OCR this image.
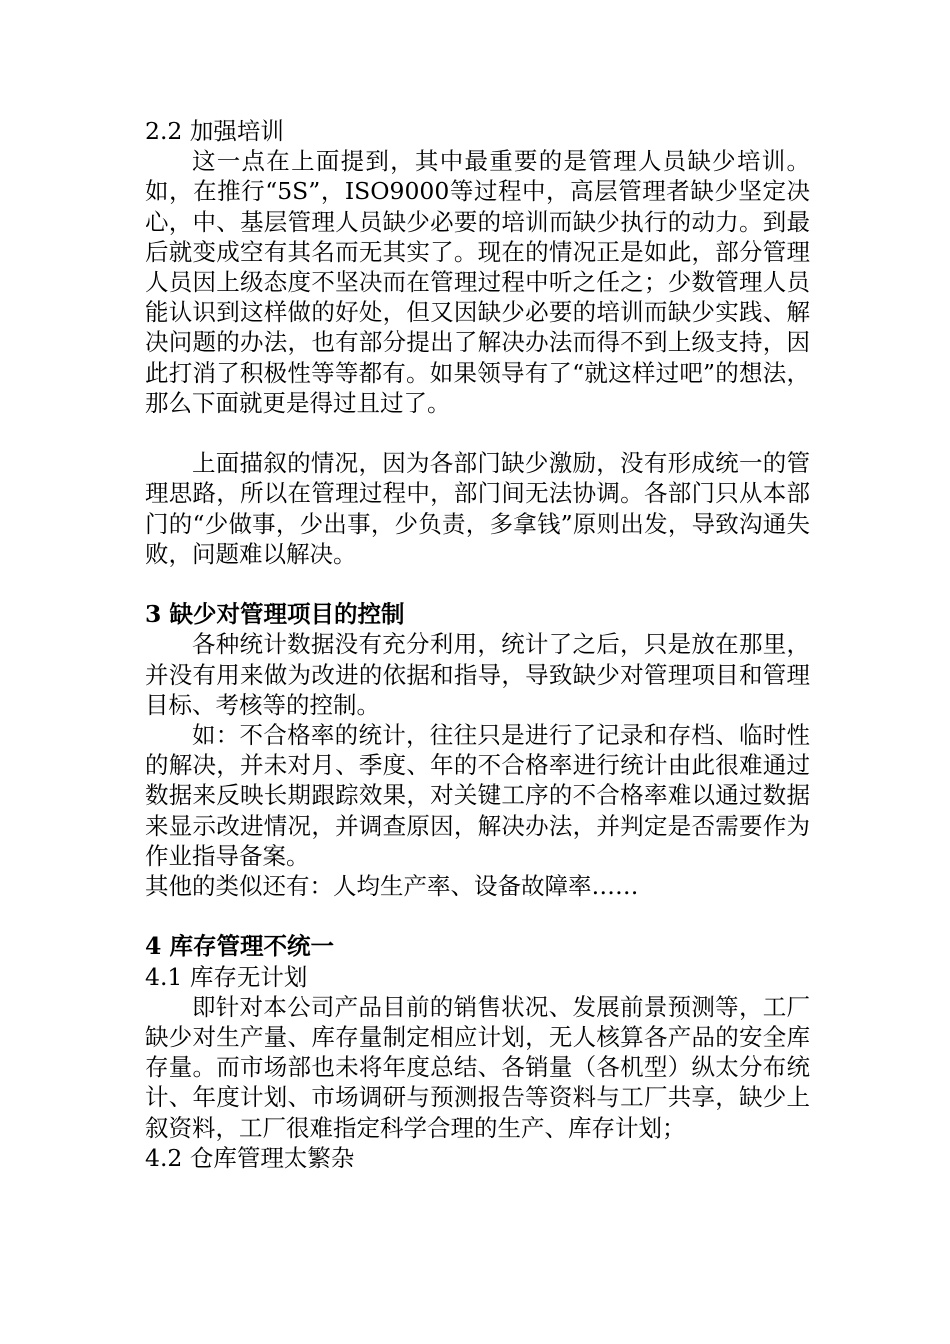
2.2 加强培训

这一点在上面提到，其中最重要的是管理人员缺少培训。如，在推行“5S”，ISO9000等过程中，高层管理者缺少坚定决心，中、基层管理人员缺少必要的培训而缺少执行的动力。到最后就变成空有其名而无其实了。现在的情况正是如此，部分管理人员因上级态度不坚决而在管理过程中听之任之；少数管理人员能认识到这样做的好处，但又因缺少必要的培训而缺少实践、解决问题的办法，也有部分提出了解决办法而得不到上级支持，因此打消了积极性等等都有。如果领导有了“就这样过吧”的想法，那么下面就更是得过且过了。

上面描叙的情况，因为各部门缺少激励，没有形成统一的管理思路，所以在管理过程中，部门间无法协调。各部门只从本部门的“少做事，少出事，少负责，多拿钱”原则出发，导致沟通失败，问题难以解决。

3 缺少对管理项目的控制

各种统计数据没有充分利用，统计了之后，只是放在那里，并没有用来做为改进的依据和指导，导致缺少对管理项目和管理目标、考核等的控制。

如：不合格率的统计，往往只是进行了记录和存档、临时性的解决，并未对月、季度、年的不合格率进行统计由此很难通过数据来反映长期跟踪效果，对关键工序的不合格率难以通过数据来显示改进情况，并调查原因，解决办法，并判定是否需要作为作业指导备案。

其他的类似还有：人均生产率、设备故障率……

4 库存管理不统一

4.1 库存无计划

即针对本公司产品目前的销售状况、发展前景预测等，工厂缺少对生产量、库存量制定相应计划，无人核算各产品的安全库存量。而市场部也未将年度总结、各销量（各机型）纵太分布统计、年度计划、市场调研与预测报告等资料与工厂共享，缺少上叙资料，工厂很难指定科学合理的生产、库存计划；

4.2 仓库管理太繁杂
